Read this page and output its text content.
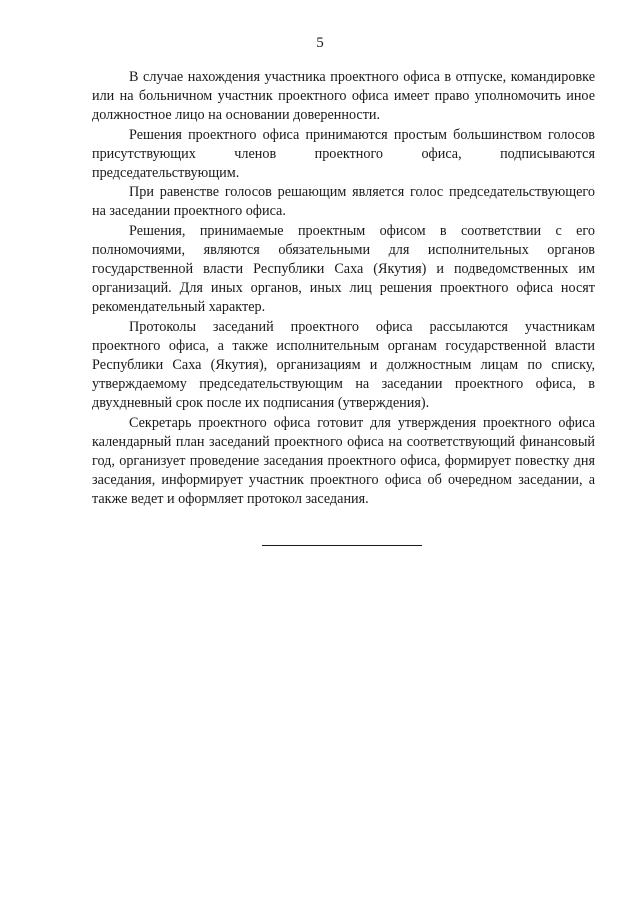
5

В случае нахождения участника проектного офиса в отпуске, командировке или на больничном участник проектного офиса имеет право уполномочить иное должностное лицо на основании доверенности.

Решения проектного офиса принимаются простым большинством голосов присутствующих членов проектного офиса, подписываются председательствующим.

При равенстве голосов решающим является голос председательствующего на заседании проектного офиса.

Решения, принимаемые проектным офисом в соответствии с его полномочиями, являются обязательными для исполнительных органов государственной власти Республики Саха (Якутия) и подведомственных им организаций. Для иных органов, иных лиц решения проектного офиса носят рекомендательный характер.

Протоколы заседаний проектного офиса рассылаются участникам проектного офиса, а также исполнительным органам государственной власти Республики Саха (Якутия), организациям и должностным лицам по списку, утверждаемому председательствующим на заседании проектного офиса, в двухдневный срок после их подписания (утверждения).

Секретарь проектного офиса готовит для утверждения проектного офиса календарный план заседаний проектного офиса на соответствующий финансовый год, организует проведение заседания проектного офиса, формирует повестку дня заседания, информирует участник проектного офиса об очередном заседании, а также ведет и оформляет протокол заседания.
